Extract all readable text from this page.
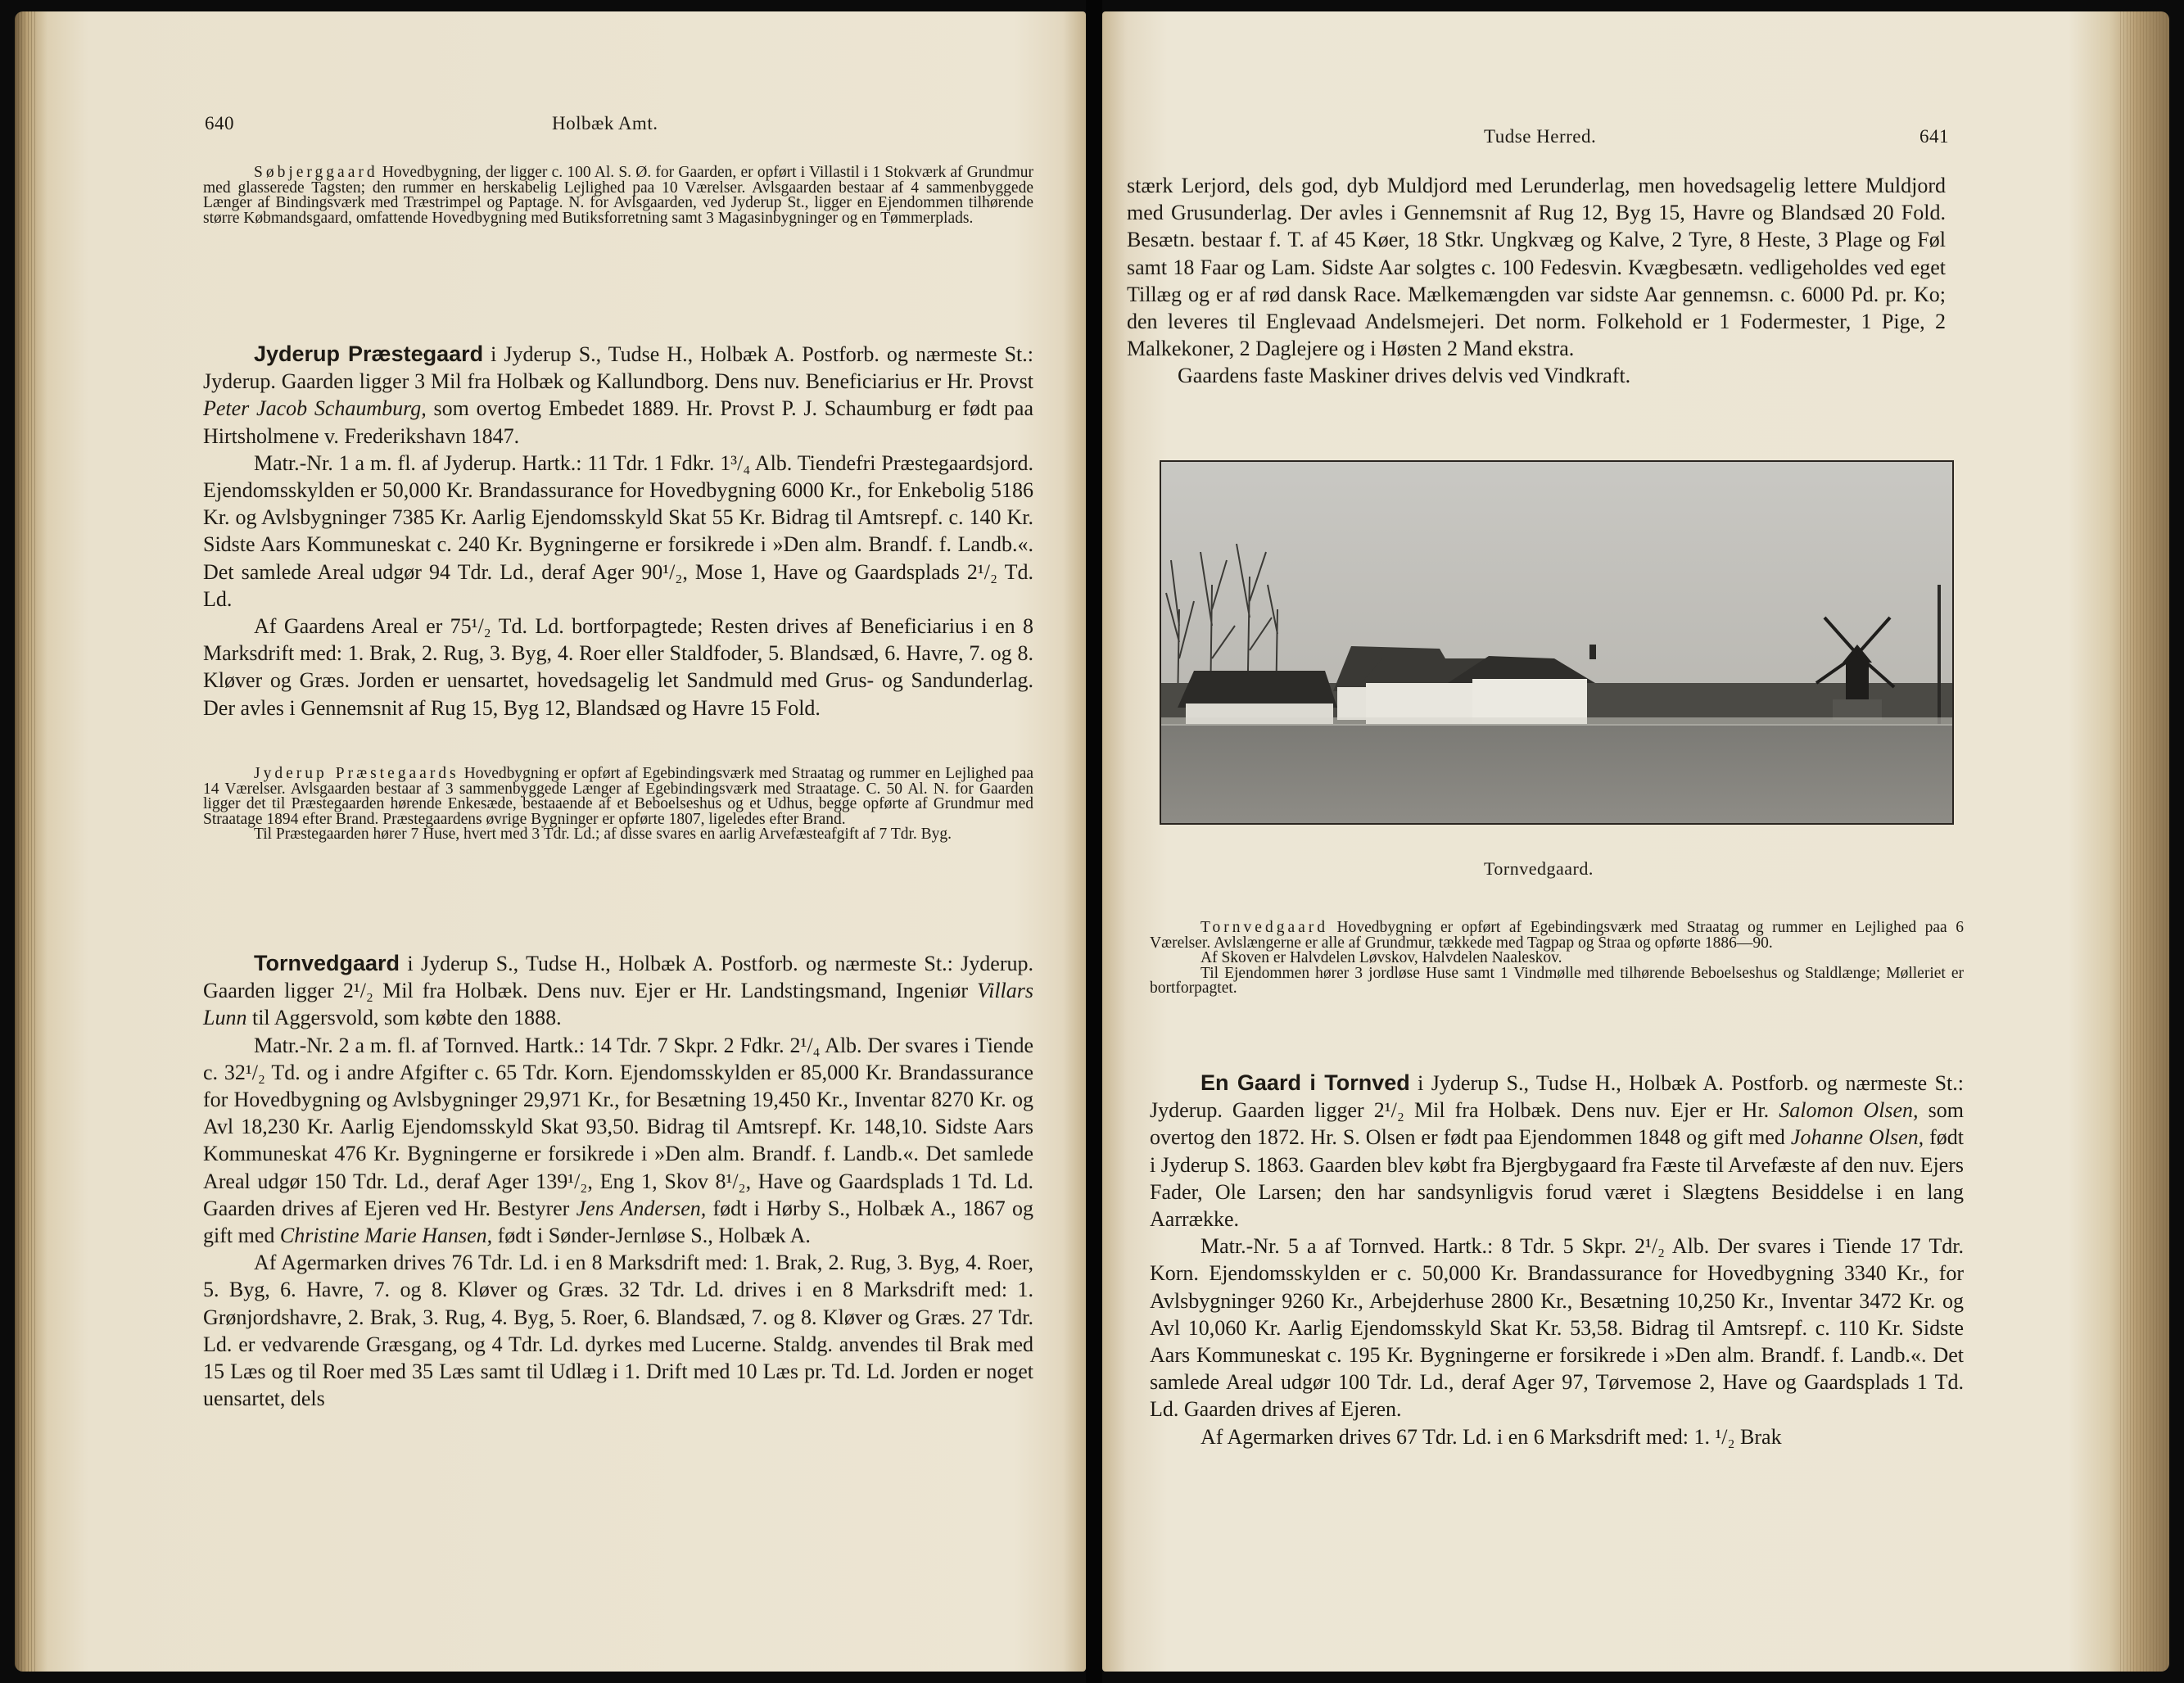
640	Holbæk Amt.

Søbjerggaard Hovedbygning, der ligger c. 100 Al. S. Ø. for Gaarden, er opført i Villastil i 1 Stokværk af Grundmur med glasserede Tagsten; den rummer en herskabelig Lejlighed paa 10 Værelser. Avlsgaarden bestaar af 4 sammenbyggede Længer af Bindingsværk med Træstrimpel og Paptage. N. for Avlsgaarden, ved Jyderup St., ligger en Ejendommen tilhørende større Købmandsgaard, omfattende Hovedbygning med Butiksforretning samt 3 Magasinbygninger og en Tømmerplads.

Jyderup Præstegaard i Jyderup S., Tudse H., Holbæk A. Postforb. og nærmeste St.: Jyderup. Gaarden ligger 3 Mil fra Holbæk og Kallundborg. Dens nuv. Beneficiarius er Hr. Provst Peter Jacob Schaumburg, som overtog Embedet 1889. Hr. Provst P. J. Schaumburg er født paa Hirtsholmene v. Frederikshavn 1847.

Matr.-Nr. 1 a m. fl. af Jyderup. Hartk.: 11 Tdr. 1 Fdkr. 1³/₄ Alb. Tiendefri Præstegaardsjord. Ejendomsskylden er 50,000 Kr. Brandassurance for Hovedbygning 6000 Kr., for Enkebolig 5186 Kr. og Avlsbygninger 7385 Kr. Aarlig Ejendomsskyld Skat 55 Kr. Bidrag til Amtsrepf. c. 140 Kr. Sidste Aars Kommuneskat c. 240 Kr. Bygningerne er forsikrede i »Den alm. Brandf. f. Landb.«. Det samlede Areal udgør 94 Tdr. Ld., deraf Ager 90¹/₂, Mose 1, Have og Gaardsplads 2¹/₂ Td. Ld.

Af Gaardens Areal er 75¹/₂ Td. Ld. bortforpagtede; Resten drives af Beneficiarius i en 8 Marksdrift med: 1. Brak, 2. Rug, 3. Byg, 4. Roer eller Staldfoder, 5. Blandsæd, 6. Havre, 7. og 8. Kløver og Græs. Jorden er uensartet, hovedsagelig let Sandmuld med Grus- og Sandunderlag. Der avles i Gennemsnit af Rug 15, Byg 12, Blandsæd og Havre 15 Fold.

Jyderup Præstegaards Hovedbygning er opført af Egebindingsværk med Straatag og rummer en Lejlighed paa 14 Værelser. Avlsgaarden bestaar af 3 sammenbyggede Længer af Egebindingsværk med Straatage. C. 50 Al. N. for Gaarden ligger det til Præstegaarden hørende Enkesæde, bestaaende af et Beboelseshus og et Udhus, begge opførte af Grundmur med Straatage 1894 efter Brand. Præstegaardens øvrige Bygninger er opførte 1807, ligeledes efter Brand.

Til Præstegaarden hører 7 Huse, hvert med 3 Tdr. Ld.; af disse svares en aarlig Arvefæsteafgift af 7 Tdr. Byg.

Tornvedgaard i Jyderup S., Tudse H., Holbæk A. Postforb. og nærmeste St.: Jyderup. Gaarden ligger 2¹/₂ Mil fra Holbæk. Dens nuv. Ejer er Hr. Landstingsmand, Ingeniør Villars Lunn til Aggersvold, som købte den 1888.

Matr.-Nr. 2 a m. fl. af Tornved. Hartk.: 14 Tdr. 7 Skpr. 2 Fdkr. 2¹/₄ Alb. Der svares i Tiende c. 32¹/₂ Td. og i andre Afgifter c. 65 Tdr. Korn. Ejendomsskylden er 85,000 Kr. Brandassurance for Hovedbygning og Avlsbygninger 29,971 Kr., for Besætning 19,450 Kr., Inventar 8270 Kr. og Avl 18,230 Kr. Aarlig Ejendomsskyld Skat 93,50. Bidrag til Amtsrepf. Kr. 148,10. Sidste Aars Kommuneskat 476 Kr. Bygningerne er forsikrede i »Den alm. Brandf. f. Landb.«. Det samlede Areal udgør 150 Tdr. Ld., deraf Ager 139¹/₂, Eng 1, Skov 8¹/₂, Have og Gaardsplads 1 Td. Ld. Gaarden drives af Ejeren ved Hr. Bestyrer Jens Andersen, født i Hørby S., Holbæk A., 1867 og gift med Christine Marie Hansen, født i Sønder-Jernløse S., Holbæk A.

Af Agermarken drives 76 Tdr. Ld. i en 8 Marksdrift med: 1. Brak, 2. Rug, 3. Byg, 4. Roer, 5. Byg, 6. Havre, 7. og 8. Kløver og Græs. 32 Tdr. Ld. drives i en 8 Marksdrift med: 1. Grønjordshavre, 2. Brak, 3. Rug, 4. Byg, 5. Roer, 6. Blandsæd, 7. og 8. Kløver og Græs. 27 Tdr. Ld. er vedvarende Græsgang, og 4 Tdr. Ld. dyrkes med Lucerne. Staldg. anvendes til Brak med 15 Læs og til Roer med 35 Læs samt til Udlæg i 1. Drift med 10 Læs pr. Td. Ld. Jorden er noget uensartet, dels

Tudse Herred.	641

stærk Lerjord, dels god, dyb Muldjord med Lerunderlag, men hovedsagelig lettere Muldjord med Grusunderlag. Der avles i Gennemsnit af Rug 12, Byg 15, Havre og Blandsæd 20 Fold. Besætn. bestaar f. T. af 45 Køer, 18 Stkr. Ungkvæg og Kalve, 2 Tyre, 8 Heste, 3 Plage og Føl samt 18 Faar og Lam. Sidste Aar solgtes c. 100 Fedesvin. Kvægbesætn. vedligeholdes ved eget Tillæg og er af rød dansk Race. Mælkemængden var sidste Aar gennemsn. c. 6000 Pd. pr. Ko; den leveres til Englevaad Andelsmejeri. Det norm. Folkehold er 1 Fodermester, 1 Pige, 2 Malkekoner, 2 Daglejere og i Høsten 2 Mand ekstra.

Gaardens faste Maskiner drives delvis ved Vindkraft.

Tornvedgaard.

Tornvedgaard Hovedbygning er opført af Egebindingsværk med Straatag og rummer en Lejlighed paa 6 Værelser. Avlslængerne er alle af Grundmur, tækkede med Tagpap og Straa og opførte 1886—90.

Af Skoven er Halvdelen Løvskov, Halvdelen Naaleskov.

Til Ejendommen hører 3 jordløse Huse samt 1 Vindmølle med tilhørende Beboelseshus og Staldlænge; Mølleriet er bortforpagtet.

En Gaard i Tornved i Jyderup S., Tudse H., Holbæk A. Postforb. og nærmeste St.: Jyderup. Gaarden ligger 2¹/₂ Mil fra Holbæk. Dens nuv. Ejer er Hr. Salomon Olsen, som overtog den 1872. Hr. S. Olsen er født paa Ejendommen 1848 og gift med Johanne Olsen, født i Jyderup S. 1863. Gaarden blev købt fra Bjergbygaard fra Fæste til Arvefæste af den nuv. Ejers Fader, Ole Larsen; den har sandsynligvis forud været i Slægtens Besiddelse i en lang Aarrække.

Matr.-Nr. 5 a af Tornved. Hartk.: 8 Tdr. 5 Skpr. 2¹/₂ Alb. Der svares i Tiende 17 Tdr. Korn. Ejendomsskylden er c. 50,000 Kr. Brandassurance for Hovedbygning 3340 Kr., for Avlsbygninger 9260 Kr., Arbejderhuse 2800 Kr., Besætning 10,250 Kr., Inventar 3472 Kr. og Avl 10,060 Kr. Aarlig Ejendomsskyld Skat Kr. 53,58. Bidrag til Amtsrepf. c. 110 Kr. Sidste Aars Kommuneskat c. 195 Kr. Bygningerne er forsikrede i »Den alm. Brandf. f. Landb.«. Det samlede Areal udgør 100 Tdr. Ld., deraf Ager 97, Tørvemose 2, Have og Gaardsplads 1 Td. Ld. Gaarden drives af Ejeren.

Af Agermarken drives 67 Tdr. Ld. i en 6 Marksdrift med: 1. ¹/₂ Brak
